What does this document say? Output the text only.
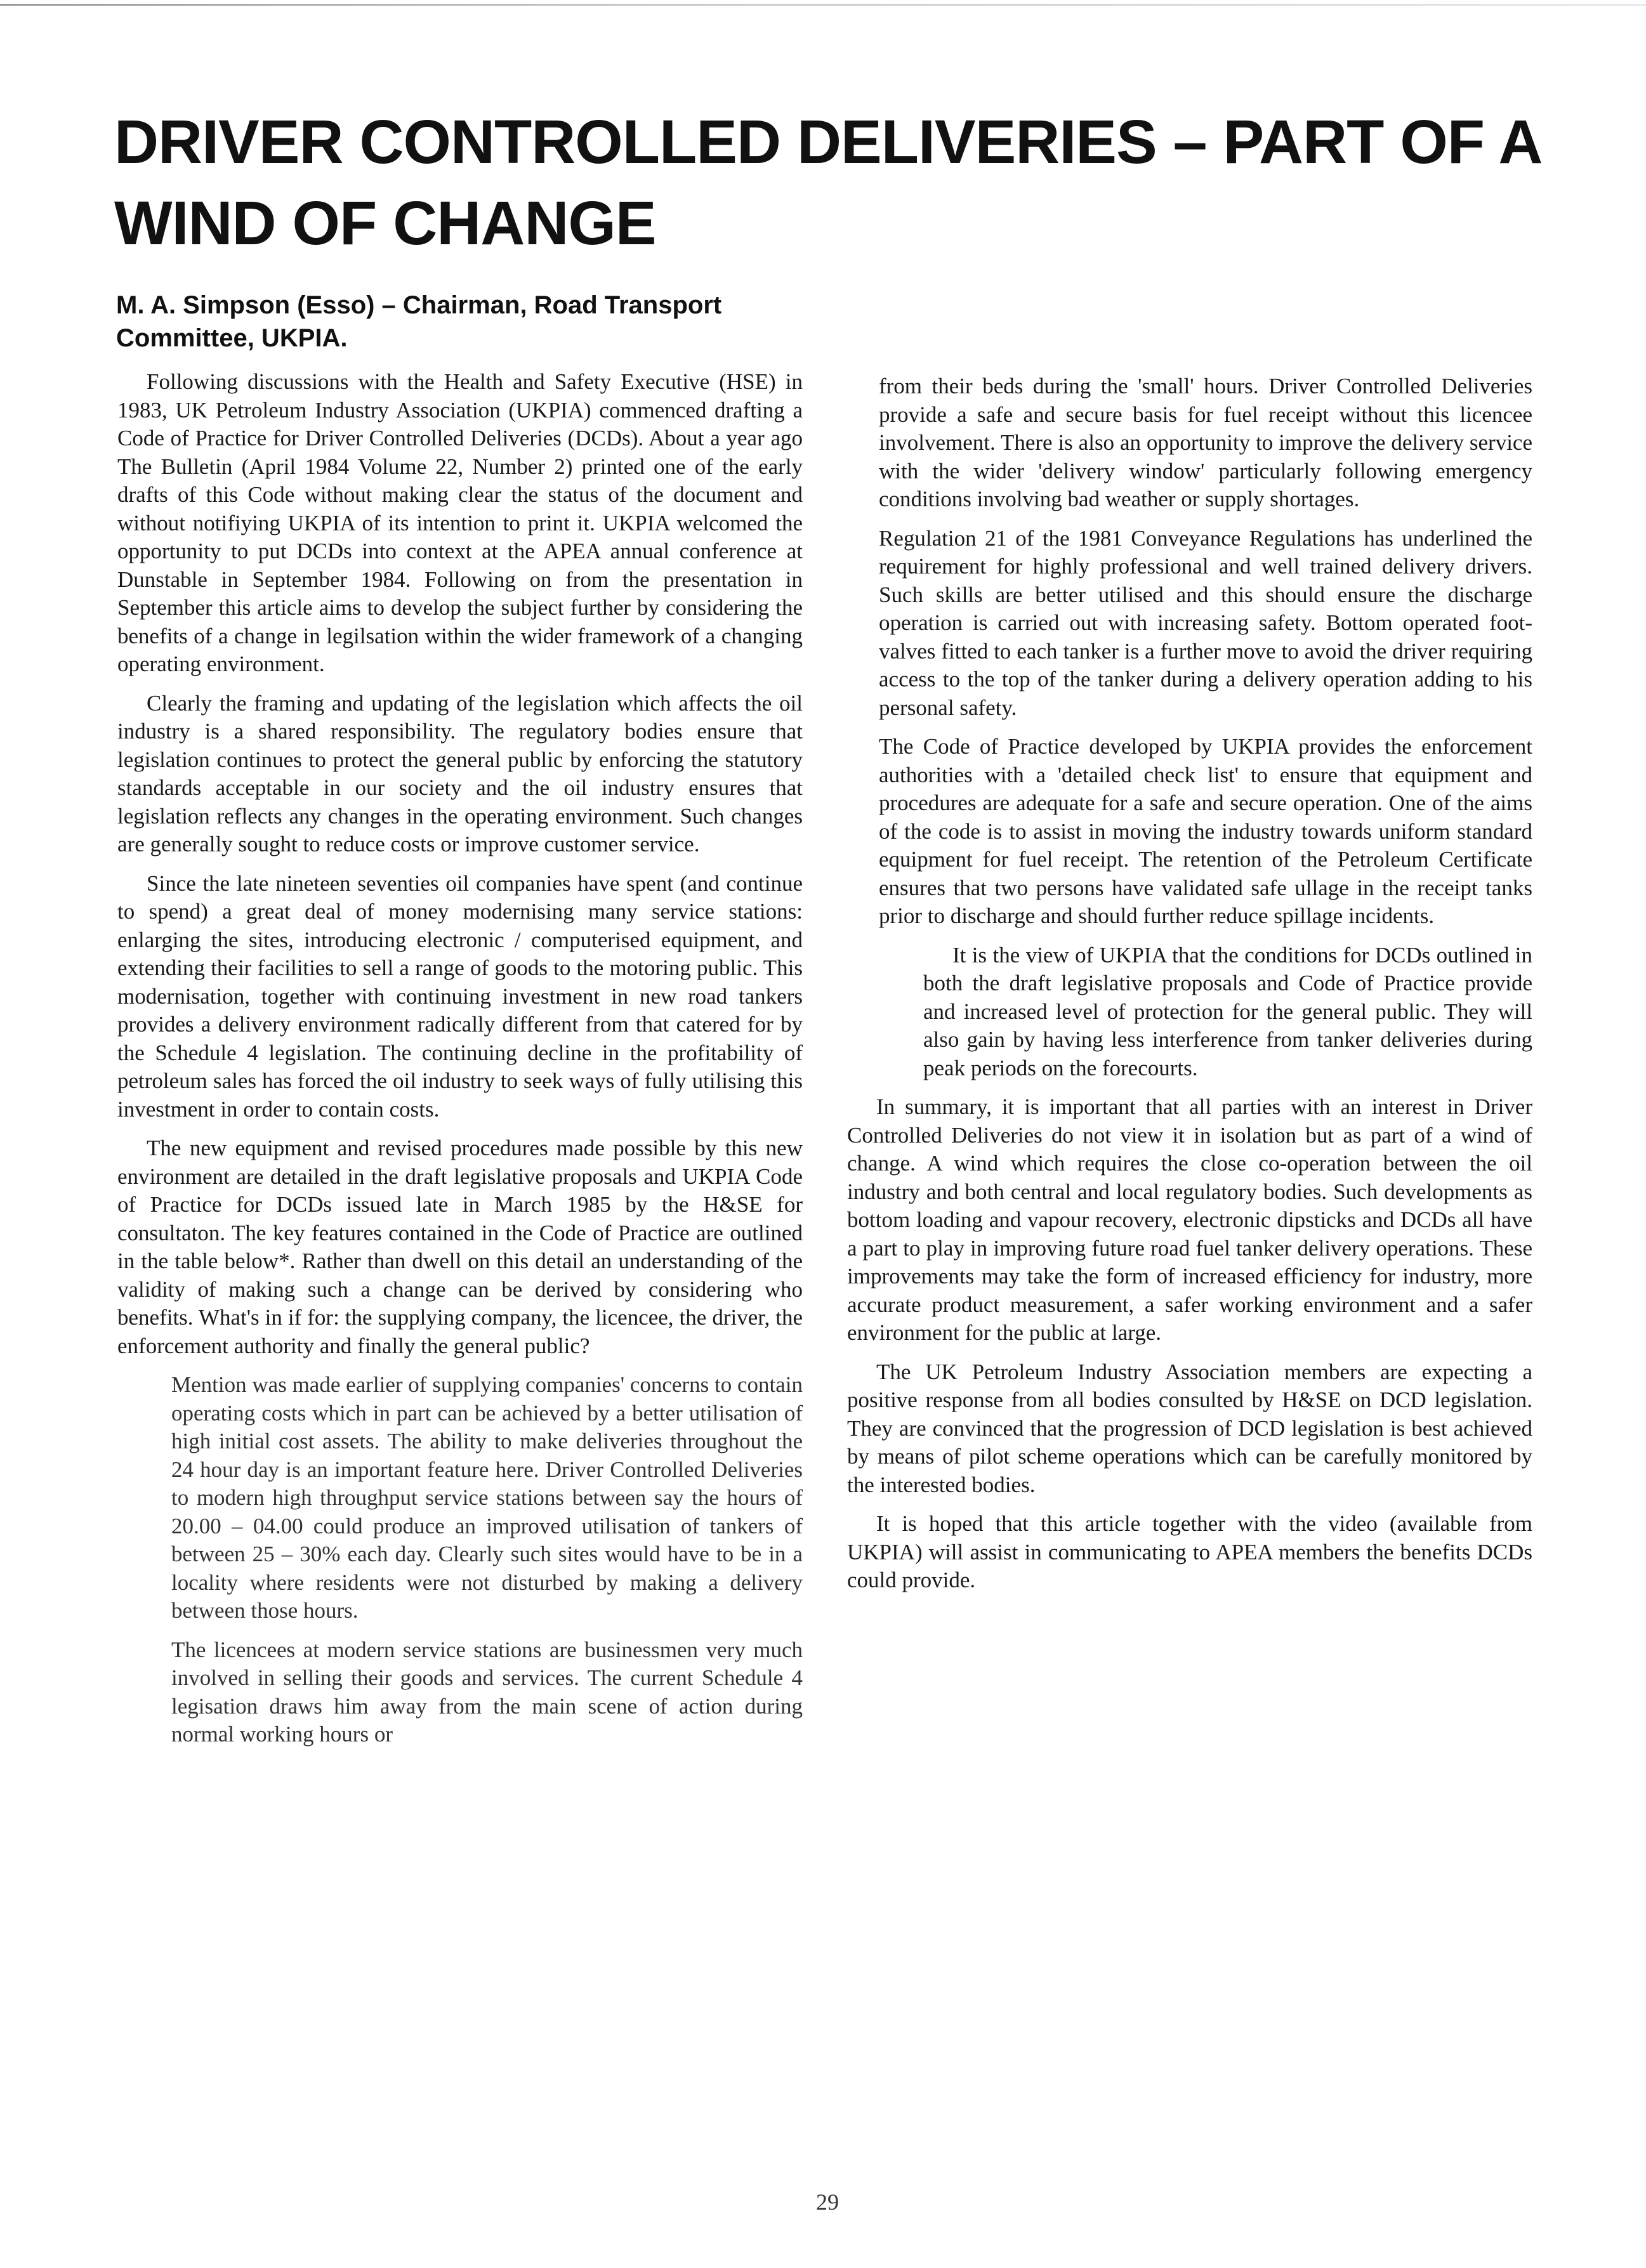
DRIVER CONTROLLED DELIVERIES – PART OF A WIND OF CHANGE
M. A. Simpson (Esso) – Chairman, Road Transport Committee, UKPIA.

Following discussions with the Health and Safety Executive (HSE) in 1983, UK Petroleum Industry Association (UKPIA) commenced drafting a Code of Practice for Driver Controlled Deliveries (DCDs). About a year ago The Bulletin (April 1984 Volume 22, Number 2) printed one of the early drafts of this Code without making clear the status of the document and without notifiying UKPIA of its intention to print it. UKPIA welcomed the opportunity to put DCDs into context at the APEA annual conference at Dunstable in September 1984. Following on from the presentation in September this article aims to develop the subject further by considering the benefits of a change in legilsation within the wider framework of a changing operating environment.

Clearly the framing and updating of the legislation which affects the oil industry is a shared responsibility. The regulatory bodies ensure that legislation continues to protect the general public by enforcing the statutory standards acceptable in our society and the oil industry ensures that legislation reflects any changes in the operating environment. Such changes are generally sought to reduce costs or improve customer service.

Since the late nineteen seventies oil companies have spent (and continue to spend) a great deal of money modernising many service stations: enlarging the sites, introducing electronic / computerised equipment, and extending their facilities to sell a range of goods to the motoring public. This modernisation, together with continuing investment in new road tankers provides a delivery environment radically different from that catered for by the Schedule 4 legislation. The continuing decline in the profitability of petroleum sales has forced the oil industry to seek ways of fully utilising this investment in order to contain costs.

The new equipment and revised procedures made possible by this new environment are detailed in the draft legislative proposals and UKPIA Code of Practice for DCDs issued late in March 1985 by the H&SE for consultaton. The key features contained in the Code of Practice are outlined in the table below*. Rather than dwell on this detail an understanding of the validity of making such a change can be derived by considering who benefits. What's in if for: the supplying company, the licencee, the driver, the enforcement authority and finally the general public?

Mention was made earlier of supplying companies' concerns to contain operating costs which in part can be achieved by a better utilisation of high initial cost assets. The ability to make deliveries throughout the 24 hour day is an important feature here. Driver Controlled Deliveries to modern high throughput service stations between say the hours of 20.00 – 04.00 could produce an improved utilisation of tankers of between 25 – 30% each day. Clearly such sites would have to be in a locality where residents were not disturbed by making a delivery between those hours.

The licencees at modern service stations are businessmen very much involved in selling their goods and services. The current Schedule 4 legisation draws him away from the main scene of action during normal working hours or

from their beds during the 'small' hours. Driver Controlled Deliveries provide a safe and secure basis for fuel receipt without this licencee involvement. There is also an opportunity to improve the delivery service with the wider 'delivery window' particularly following emergency conditions involving bad weather or supply shortages.

Regulation 21 of the 1981 Conveyance Regulations has underlined the requirement for highly professional and well trained delivery drivers. Such skills are better utilised and this should ensure the discharge operation is carried out with increasing safety. Bottom operated foot-valves fitted to each tanker is a further move to avoid the driver requiring access to the top of the tanker during a delivery operation adding to his personal safety.

The Code of Practice developed by UKPIA provides the enforcement authorities with a 'detailed check list' to ensure that equipment and procedures are adequate for a safe and secure operation. One of the aims of the code is to assist in moving the industry towards uniform standard equipment for fuel receipt. The retention of the Petroleum Certificate ensures that two persons have validated safe ullage in the receipt tanks prior to discharge and should further reduce spillage incidents.

It is the view of UKPIA that the conditions for DCDs outlined in both the draft legislative proposals and Code of Practice provide and increased level of protection for the general public. They will also gain by having less interference from tanker deliveries during peak periods on the forecourts.

In summary, it is important that all parties with an interest in Driver Controlled Deliveries do not view it in isolation but as part of a wind of change. A wind which requires the close co-operation between the oil industry and both central and local regulatory bodies. Such developments as bottom loading and vapour recovery, electronic dipsticks and DCDs all have a part to play in improving future road fuel tanker delivery operations. These improvements may take the form of increased efficiency for industry, more accurate product measurement, a safer working environment and a safer environment for the public at large.

The UK Petroleum Industry Association members are expecting a positive response from all bodies consulted by H&SE on DCD legislation. They are convinced that the progression of DCD legislation is best achieved by means of pilot scheme operations which can be carefully monitored by the interested bodies.

It is hoped that this article together with the video (available from UKPIA) will assist in communicating to APEA members the benefits DCDs could provide.

29
